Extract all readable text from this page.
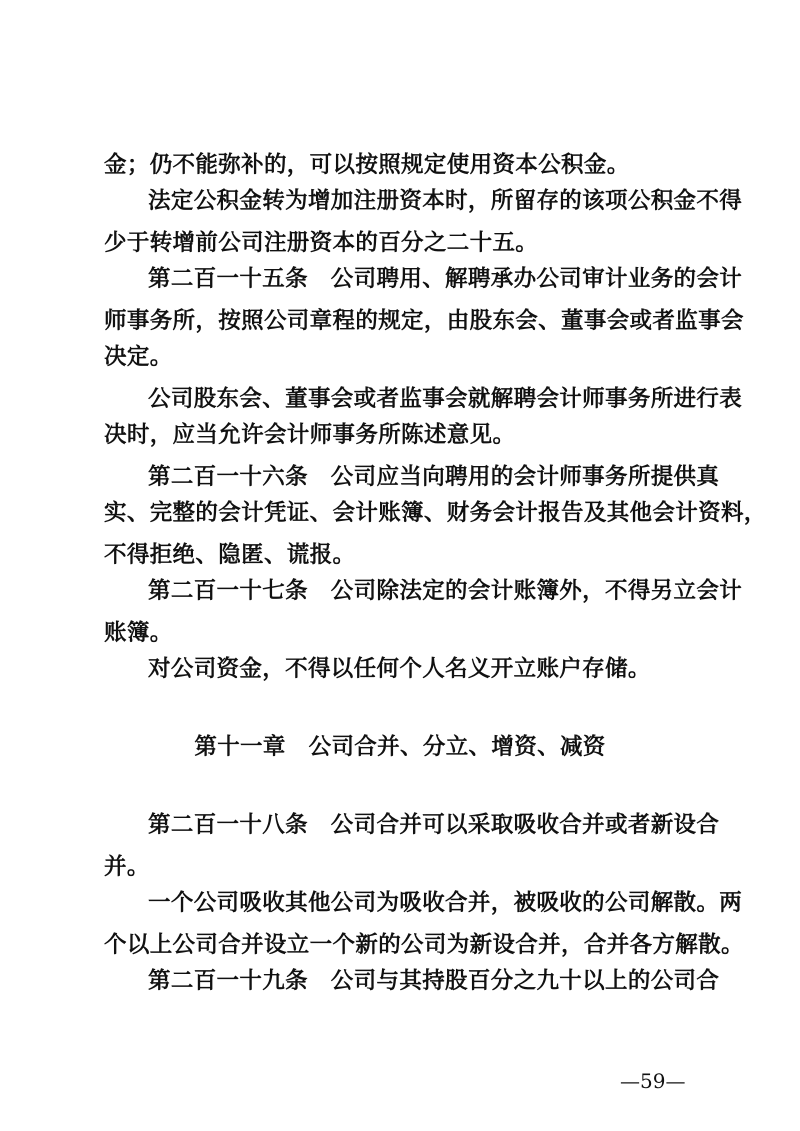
金；仍不能弥补的，可以按照规定使用资本公积金。
法定公积金转为增加注册资本时，所留存的该项公积金不得
少于转增前公司注册资本的百分之二十五。
第二百一十五条　公司聘用、解聘承办公司审计业务的会计
师事务所，按照公司章程的规定，由股东会、董事会或者监事会
决定。
公司股东会、董事会或者监事会就解聘会计师事务所进行表
决时，应当允许会计师事务所陈述意见。
第二百一十六条　公司应当向聘用的会计师事务所提供真
实、完整的会计凭证、会计账簿、财务会计报告及其他会计资料，
不得拒绝、隐匿、谎报。
第二百一十七条　公司除法定的会计账簿外，不得另立会计
账簿。
对公司资金，不得以任何个人名义开立账户存储。
第十一章　公司合并、分立、增资、减资
第二百一十八条　公司合并可以采取吸收合并或者新设合
并。
一个公司吸收其他公司为吸收合并，被吸收的公司解散。两
个以上公司合并设立一个新的公司为新设合并，合并各方解散。
第二百一十九条　公司与其持股百分之九十以上的公司合
—59—
